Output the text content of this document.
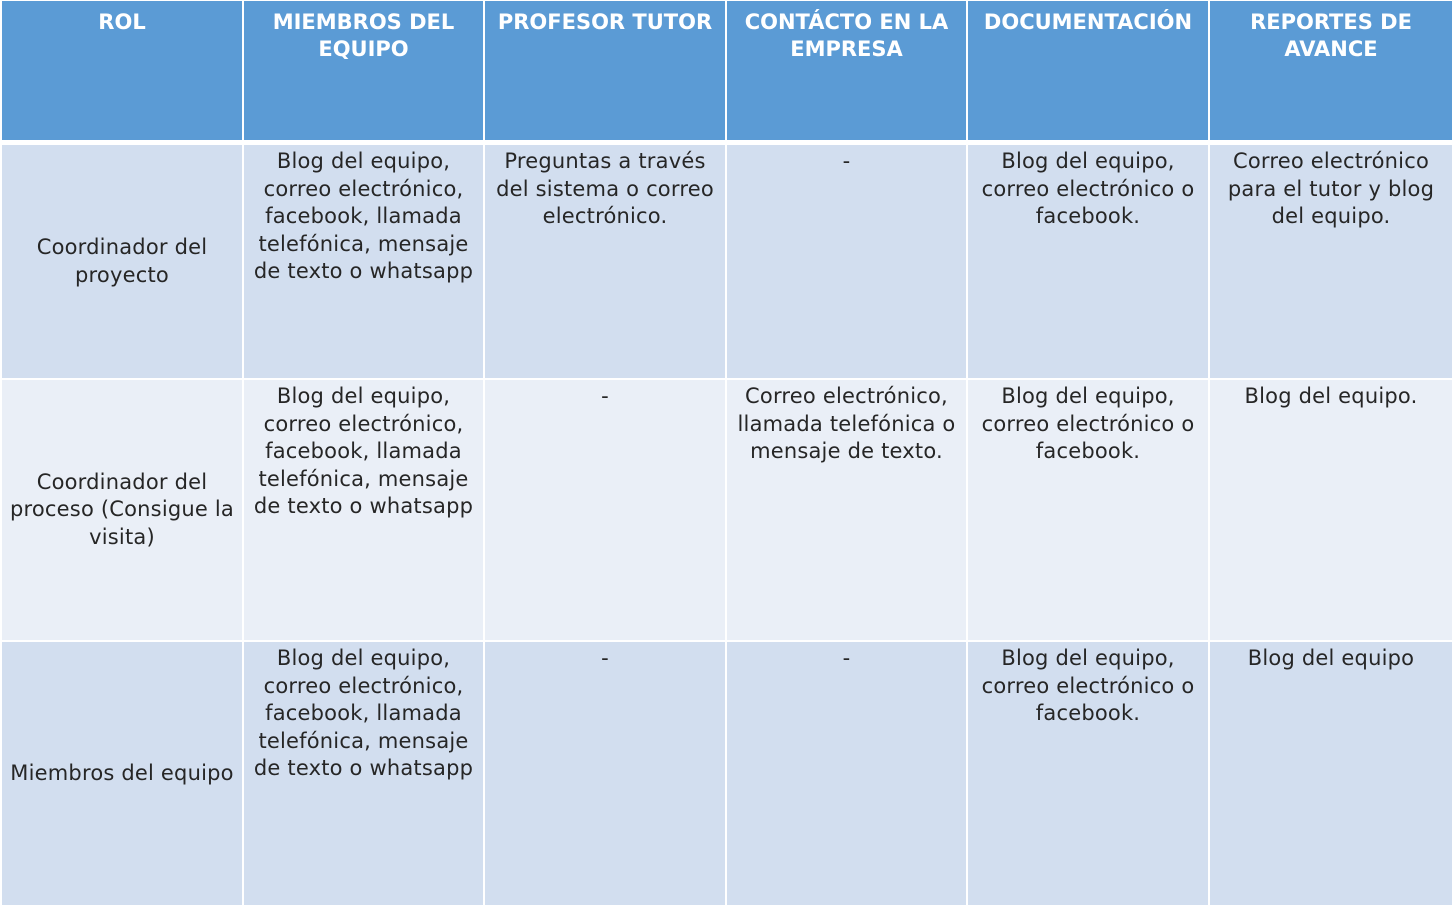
ROL	MIEMBROS DEL EQUIPO	PROFESOR TUTOR	CONTÁCTO EN LA EMPRESA	DOCUMENTACIÓN	REPORTES DE AVANCE
Coordinador del proyecto	Blog del equipo, correo electrónico, facebook, llamada telefónica, mensaje de texto o whatsapp	Preguntas a través del sistema o correo electrónico.	-	Blog del equipo, correo electrónico o facebook.	Correo electrónico para el tutor y blog del equipo.
Coordinador del proceso (Consigue la visita)	Blog del equipo, correo electrónico, facebook, llamada telefónica, mensaje de texto o whatsapp	-	Correo electrónico, llamada telefónica o mensaje de texto.	Blog del equipo, correo electrónico o facebook.	Blog del equipo.
Miembros del equipo	Blog del equipo, correo electrónico, facebook, llamada telefónica, mensaje de texto o whatsapp	-	-	Blog del equipo, correo electrónico o facebook.	Blog del equipo
